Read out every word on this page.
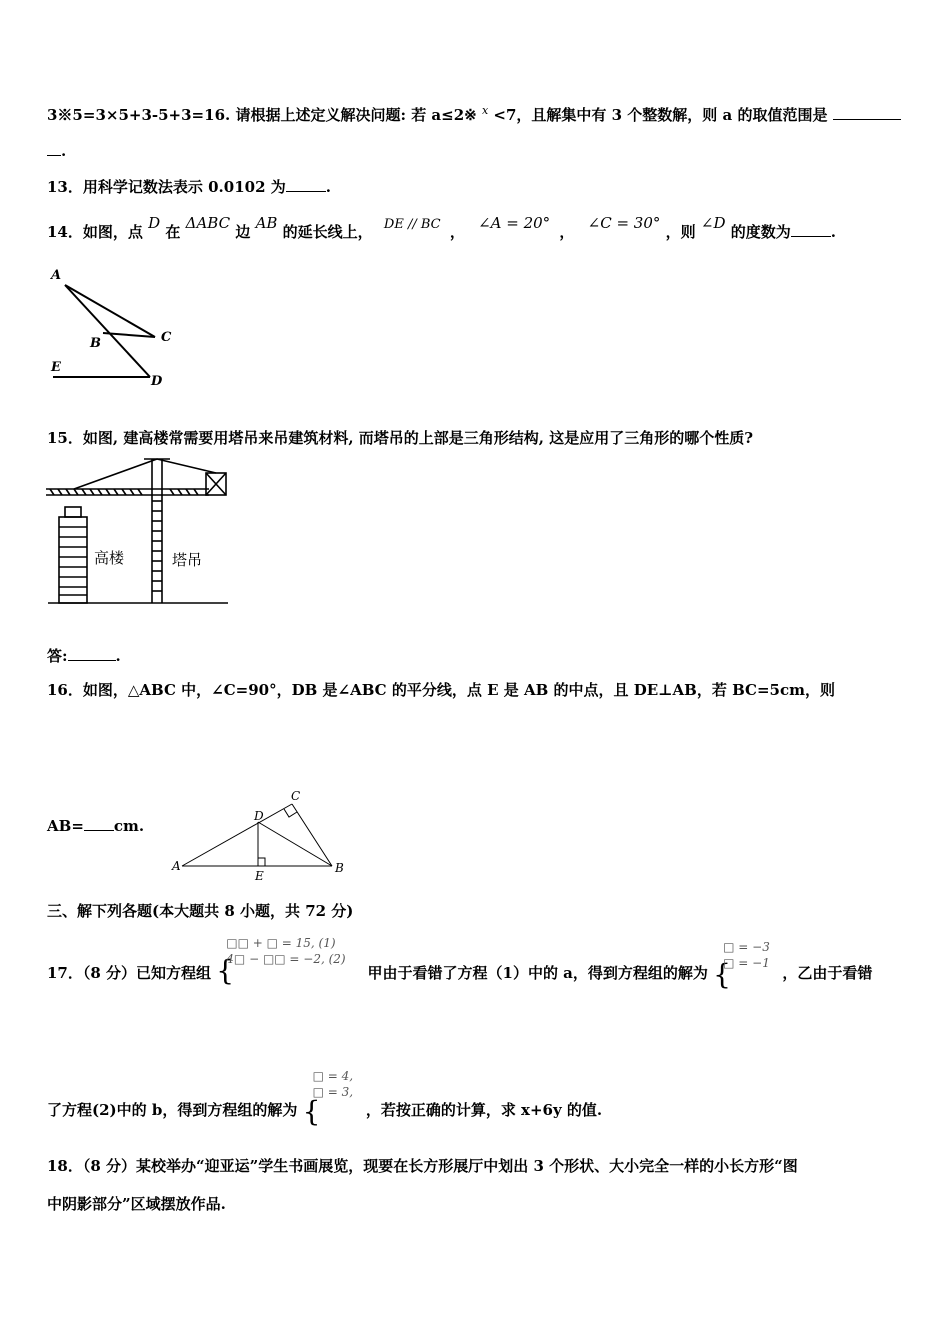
3※5=3×5+3-5+3=16. 请根据上述定义解决问题: 若 a≤2※ x <7，且解集中有 3 个整数解，则 a 的取值范围是
.
13．用科学记数法表示 0.0102 为	.
14．如图，点 D 在 ΔABC 边 AB 的延长线上， DE // BC ， ∠A = 20° ， ∠C = 30° ，则 ∠D 的度数为	.
A
B	C
E
D
15．如图, 建高楼常需要用塔吊来吊建筑材料, 而塔吊的上部是三角形结构, 这是应用了三角形的哪个性质?
高楼	塔吊
答:	.
16．如图，△ABC 中，∠C=90°，DB 是∠ABC 的平分线，点 E 是 AB 的中点，且 DE⊥AB，若 BC=5cm，则
AB= cm.
A	B
C
D
E
三、解下列各题(本大题共 8 小题，共 72 分)
17．（8 分）已知方程组 {
□□ + □ = 15, (1)
4□ − □□ = −2, (2)
甲由于看错了方程（1）中的 a，得到方程组的解为 {
□ = −3
□ = −1
，乙由于看错
了方程(2)中的 b，得到方程组的解为 {
□ = 4,
□ = 3,
，若按正确的计算，求 x+6y 的值.
18．（8 分）某校举办“迎亚运”学生书画展览，现要在长方形展厅中划出 3 个形状、大小完全一样的小长方形“图
中阴影部分”区域摆放作品.
